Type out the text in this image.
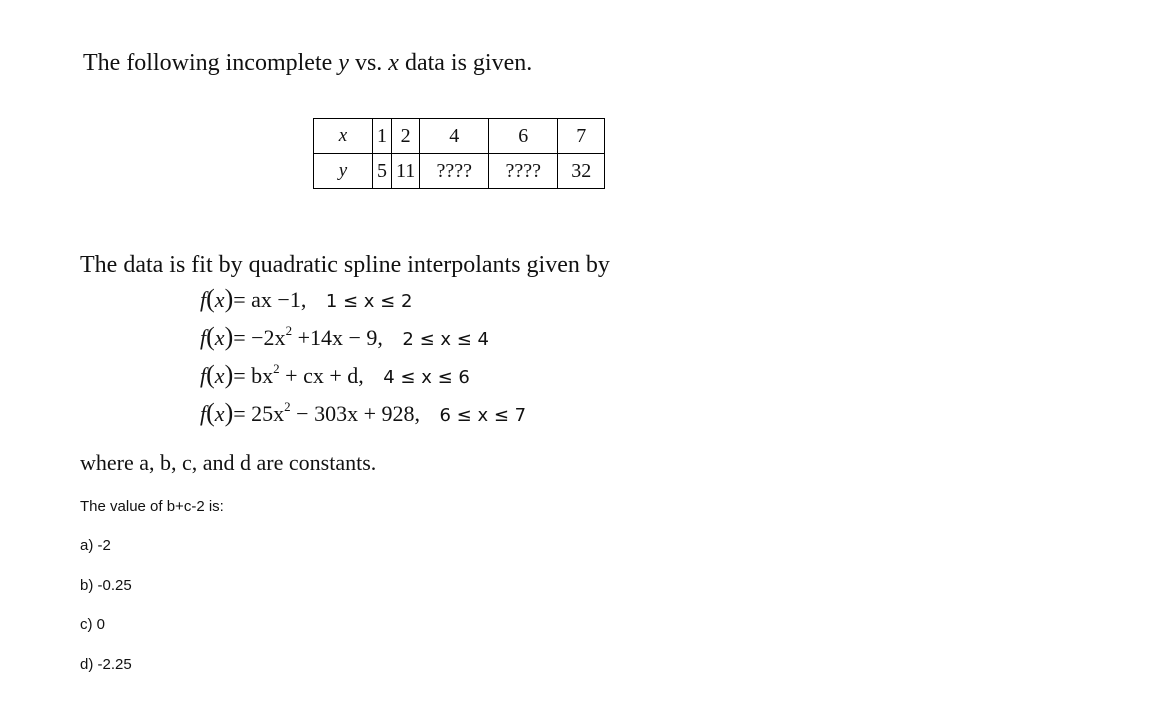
The following incomplete y vs. x data is given.
x	1	2	4	6	7
y	5	11	????	????	32
The data is fit by quadratic spline interpolants given by
f(x)= ax −1, 1 ≤ x ≤ 2
$f(x)= -2x^2 +14x - 9$, 2 ≤ x ≤ 4
$f(x)= bx^2$ + cx + d, 4 ≤ x ≤ 6
$f(x)= 25x^2 - 303x + 928$, 6 ≤ x ≤ 7
where a, b, c, and d are constants.
The value of b+c-2 is:
a) -2
b) -0.25
c) 0
d) -2.25
